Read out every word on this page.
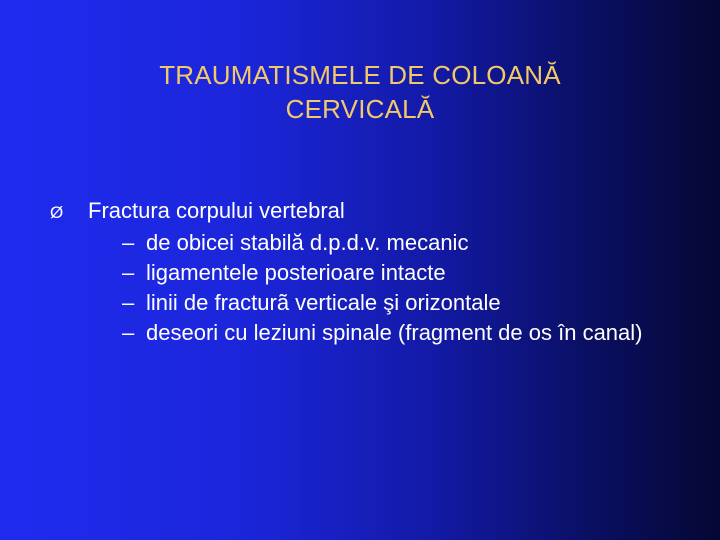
TRAUMATISMELE DE COLOANĂ
CERVICALĂ
Ø	Fractura corpului vertebral
– de obicei stabilă d.p.d.v. mecanic
– ligamentele posterioare intacte
– linii de fracturã verticale şi orizontale
– deseori cu leziuni spinale (fragment de os în canal)
